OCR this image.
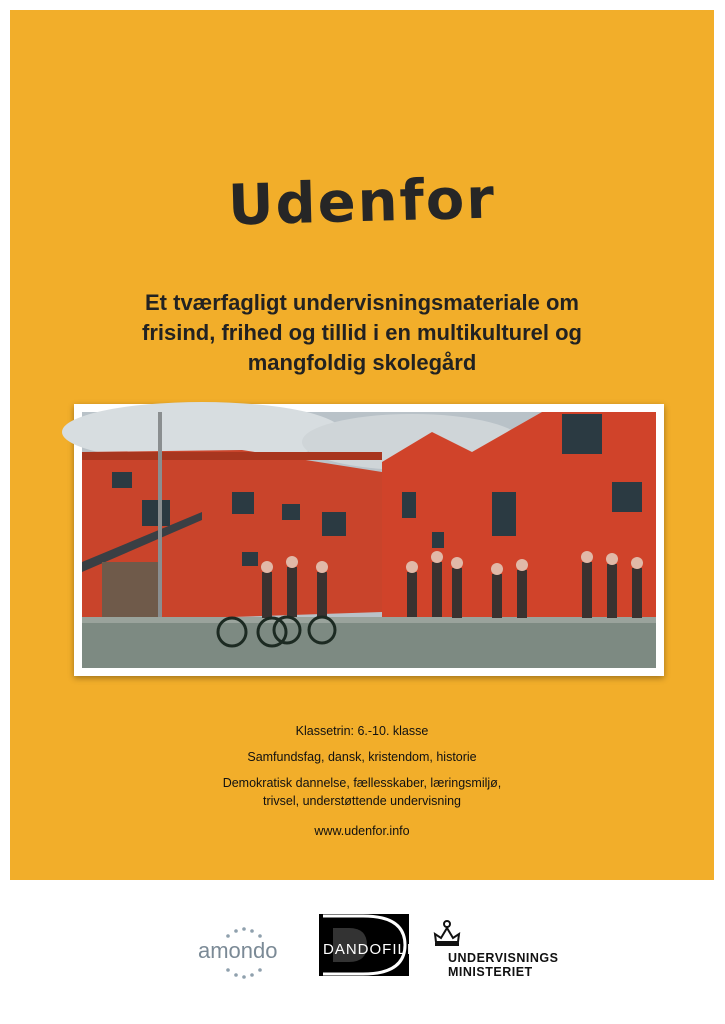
Udenfor
Et tværfagligt undervisningsmateriale om
frisind, frihed og tillid i en multikulturel og
mangfoldig skolegård
Klassetrin: 6.-10. klasse
Samfundsfag, dansk, kristendom, historie
Demokratisk dannelse, fællesskaber, læringsmiljø,
trivsel, understøttende undervisning
www.udenfor.info
amondo	DANDOFILM UNDERVISNINGS
MINISTERIET
